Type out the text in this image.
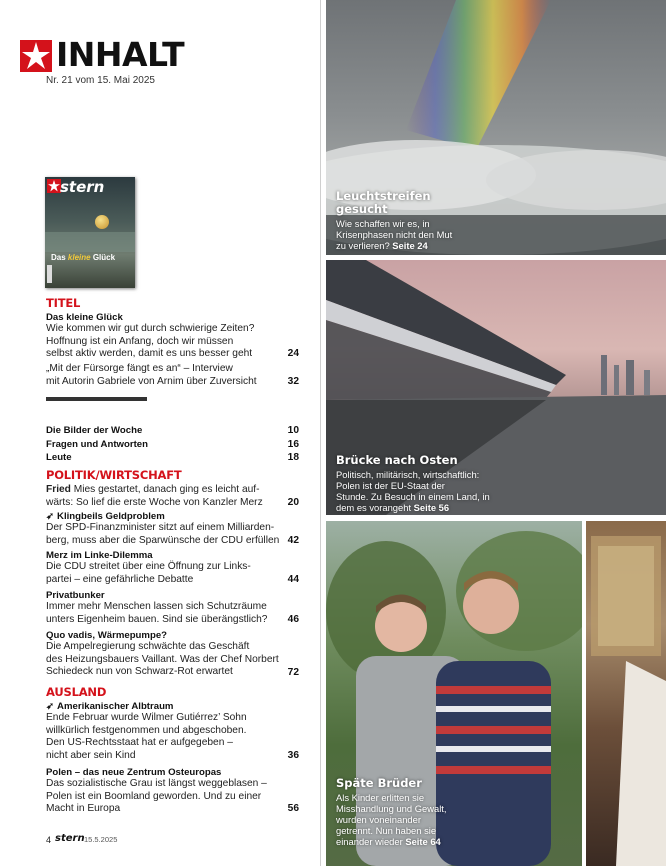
INHALT
Nr. 21 vom 15. Mai 2025
stern
Das kleine Glück
TITEL
Das kleine Glück
Wie kommen wir gut durch schwierige Zeiten?
Hoffnung ist ein Anfang, doch wir müssen
selbst aktiv werden, damit es uns besser geht	24
„Mit der Fürsorge fängt es an“ – Interview
mit Autorin Gabriele von Arnim über Zuversicht	32
Die Bilder der Woche	10
Fragen und Antworten	16
Leute	18
POLITIK/WIRTSCHAFT
Fried Mies gestartet, danach ging es leicht auf-
wärts: So lief die erste Woche von Kanzler Merz	20
➶ Klingbeils Geldproblem
Der SPD-Finanzminister sitzt auf einem Milliarden-
berg, muss aber die Sparwünsche der CDU erfüllen 42
Merz im Linke-Dilemma
Die CDU streitet über eine Öffnung zur Links-
partei – eine gefährliche Debatte	44
Privatbunker
Immer mehr Menschen lassen sich Schutzräume
unters Eigenheim bauen. Sind sie überängstlich?	46
Quo vadis, Wärmepumpe?
Die Ampelregierung schwächte das Geschäft
des Heizungsbauers Vaillant. Was der Chef Norbert
Schiedeck nun von Schwarz-Rot erwartet	72
AUSLAND
➶ Amerikanischer Albtraum
Ende Februar wurde Wilmer Gutiérrez’ Sohn
willkürlich festgenommen und abgeschoben.
Den US-Rechtsstaat hat er aufgegeben –
nicht aber sein Kind	36
Polen – das neue Zentrum Osteuropas
Das sozialistische Grau ist längst weggeblasen –
Polen ist ein Boomland geworden. Und zu einer
Macht in Europa	56
4 stern 15.5.2025
Leuchtstreifen
gesucht
Wie schaffen wir es, in
Krisenphasen nicht den Mut
zu verlieren? Seite 24
Brücke nach Osten
Politisch, militärisch, wirtschaftlich:
Polen ist der EU-Staat der
Stunde. Zu Besuch in einem Land, in
dem es vorangeht Seite 56
Späte Brüder
Als Kinder erlitten sie
Misshandlung und Gewalt,
wurden voneinander
getrennt. Nun haben sie
einander wieder Seite 64
